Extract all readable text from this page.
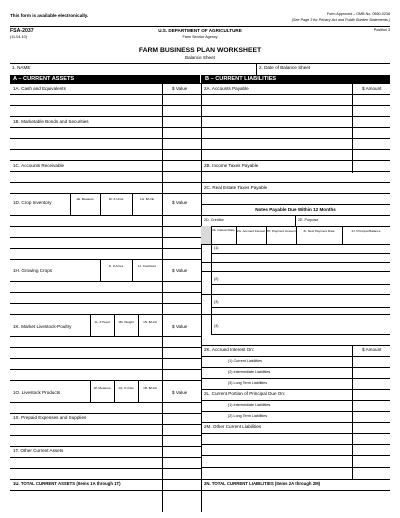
This form is available electronically.	Form Approved – OMB No. 0560-0238
(See Page 3 for Privacy Act and Public Burden Statements.)
FSA-2037
(11-04-10)
U.S. DEPARTMENT OF AGRICULTURE
Farm Service Agency
Position 3
FARM BUSINESS PLAN WORKSHEET
Balance Sheet
1. NAME	2. Date of Balance Sheet
A – CURRENT ASSETS	B – CURRENT LIABILITIES
1A. Cash and Equivalents	$ Value
1B. Marketable Bonds and Securities
1C. Accounts Receivable
1D. Crop Inventory
1E. Measure	1F. # Units	1G. $/Unit
$ Value
1H. Growing Crops
1I. # Acres	1J. Cost/Acre
$ Value
1K. Market Livestock-Poultry
1L. # Head	1M. Weight	1N. $/Unit
$ Value
1O. Livestock Products
1P. Measure	1Q. # Units	1R. $/Unit
$ Value
1S. Prepaid Expenses and Supplies
1T. Other Current Assets
1U. TOTAL CURRENT ASSETS (Items 1A through 1T)
2A. Accounts Payable	$ Amount
2B. Income Taxes Payable
2C. Real Estate Taxes Payable
Notes Payable Due Within 12 Months
2D. Creditor	2E. Purpose
2F. Interest Rate 2G. Accrued Interest 2H. Payment Amount	2I. Next Payment Date	2J. Principal Balance
(1)
(2)
(3)
(4)
2K. Accrued Interest On:	$ Amount
(1) Current Liabilities
(2) Intermediate Liabilities
(3) Long Term Liabilities
2L. Current Portion of Principal Due On:
(1) Intermediate Liabilities
(2) Long Term Liabilities
2M. Other Current Liabilities
2N. TOTAL CURRENT LIABILITIES (Items 2A through 2M)
